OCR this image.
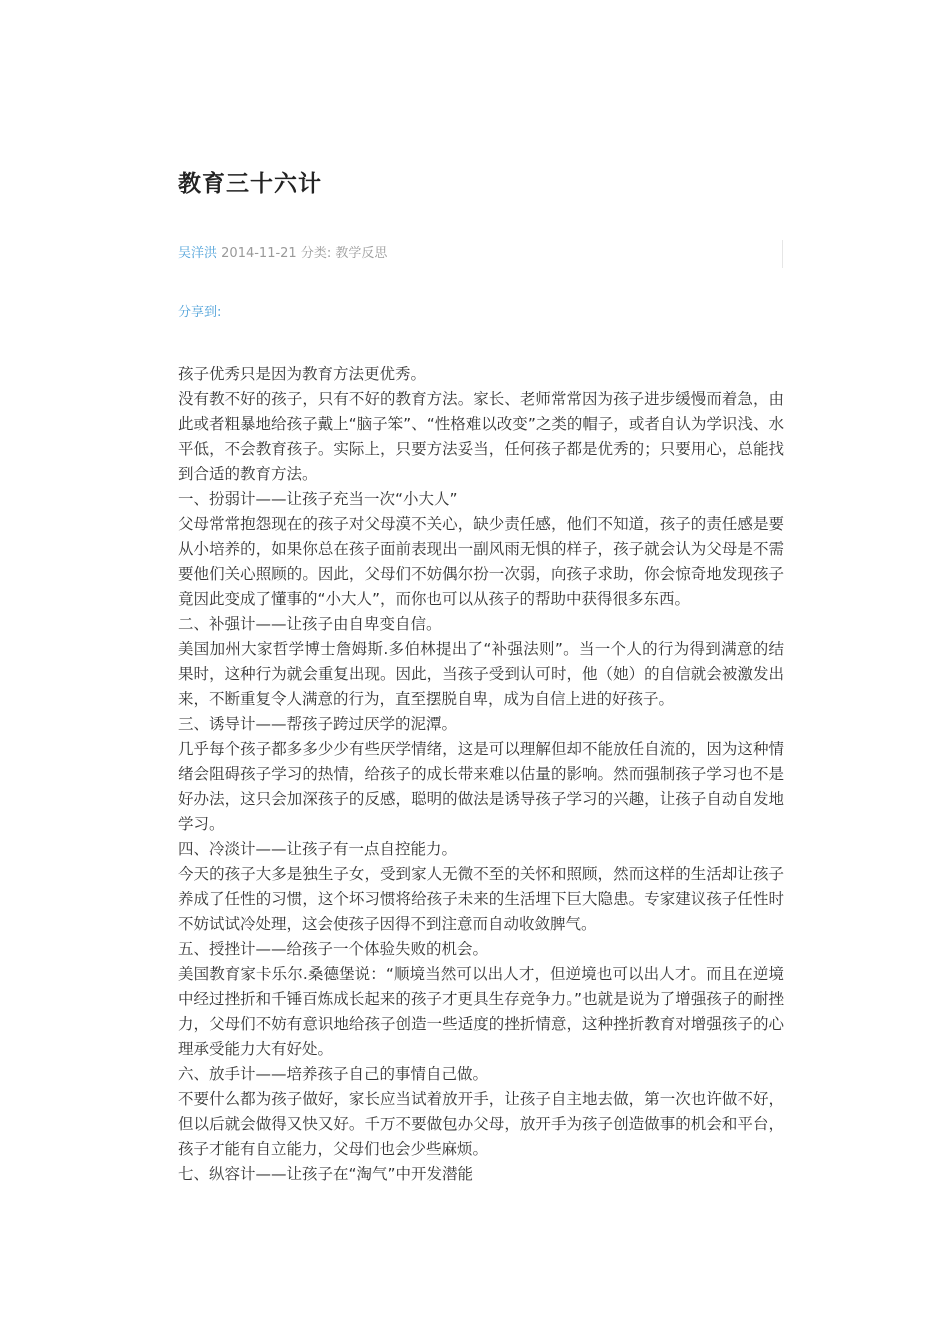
教育三十六计
吴洋洪 2014-11-21 分类: 教学反思
分享到:

孩子优秀只是因为教育方法更优秀。

没有教不好的孩子，只有不好的教育方法。家长、老师常常因为孩子进步缓慢而着急，由此或者粗暴地给孩子戴上“脑子笨”、“性格难以改变”之类的帽子，或者自认为学识浅、水平低，不会教育孩子。实际上，只要方法妥当，任何孩子都是优秀的；只要用心，总能找到合适的教育方法。

一、扮弱计——让孩子充当一次“小大人”

父母常常抱怨现在的孩子对父母漠不关心，缺少责任感，他们不知道，孩子的责任感是要从小培养的，如果你总在孩子面前表现出一副风雨无惧的样子，孩子就会认为父母是不需要他们关心照顾的。因此，父母们不妨偶尔扮一次弱，向孩子求助，你会惊奇地发现孩子竟因此变成了懂事的“小大人”，而你也可以从孩子的帮助中获得很多东西。

二、补强计——让孩子由自卑变自信。

美国加州大家哲学博士詹姆斯.多伯林提出了“补强法则”。当一个人的行为得到满意的结果时，这种行为就会重复出现。因此，当孩子受到认可时，他（她）的自信就会被激发出来，不断重复令人满意的行为，直至摆脱自卑，成为自信上进的好孩子。

三、诱导计——帮孩子跨过厌学的泥潭。

几乎每个孩子都多多少少有些厌学情绪，这是可以理解但却不能放任自流的，因为这种情绪会阻碍孩子学习的热情，给孩子的成长带来难以估量的影响。然而强制孩子学习也不是好办法，这只会加深孩子的反感，聪明的做法是诱导孩子学习的兴趣，让孩子自动自发地学习。

四、冷淡计——让孩子有一点自控能力。

今天的孩子大多是独生子女，受到家人无微不至的关怀和照顾，然而这样的生活却让孩子养成了任性的习惯，这个坏习惯将给孩子未来的生活埋下巨大隐患。专家建议孩子任性时不妨试试冷处理，这会使孩子因得不到注意而自动收敛脾气。

五、授挫计——给孩子一个体验失败的机会。

美国教育家卡乐尔.桑德堡说：“顺境当然可以出人才，但逆境也可以出人才。而且在逆境中经过挫折和千锤百炼成长起来的孩子才更具生存竞争力。”也就是说为了增强孩子的耐挫力，父母们不妨有意识地给孩子创造一些适度的挫折情意，这种挫折教育对增强孩子的心理承受能力大有好处。

六、放手计——培养孩子自己的事情自己做。

不要什么都为孩子做好，家长应当试着放开手，让孩子自主地去做，第一次也许做不好，但以后就会做得又快又好。千万不要做包办父母，放开手为孩子创造做事的机会和平台，孩子才能有自立能力，父母们也会少些麻烦。

七、纵容计——让孩子在“淘气”中开发潜能
